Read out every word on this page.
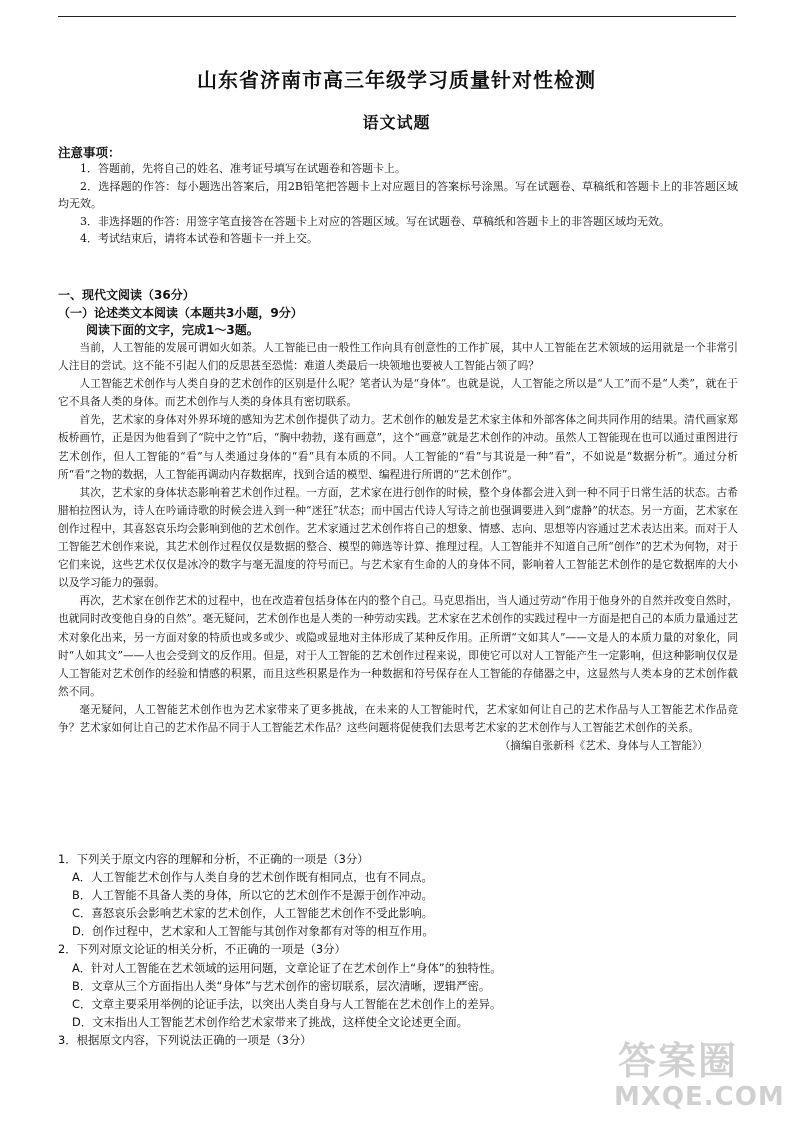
山东省济南市高三年级学习质量针对性检测
语文试题
注意事项：

1．答题前，先将自己的姓名、准考证号填写在试题卷和答题卡上。

2．选择题的作答：每小题选出答案后，用2B铅笔把答题卡上对应题目的答案标号涂黑。写在试题卷、草稿纸和答题卡上的非答题区域均无效。

3．非选择题的作答：用签字笔直接答在答题卡上对应的答题区域。写在试题卷、草稿纸和答题卡上的非答题区域均无效。

4．考试结束后，请将本试卷和答题卡一并上交。

一、现代文阅读（36分）
（一）论述类文本阅读（本题共3小题，9分）
阅读下面的文字，完成1～3题。

当前，人工智能的发展可谓如火如荼。人工智能已由一般性工作向具有创意性的工作扩展，其中人工智能在艺术领域的运用就是一个非常引人注目的尝试。这不能不引起人们的反思甚至恐慌：难道人类最后一块领地也要被人工智能占领了吗？

人工智能艺术创作与人类自身的艺术创作的区别是什么呢？笔者认为是“身体”。也就是说，人工智能之所以是“人工”而不是“人类”，就在于它不具备人类的身体。而艺术创作与人类的身体具有密切联系。

首先，艺术家的身体对外界环境的感知为艺术创作提供了动力。艺术创作的触发是艺术家主体和外部客体之间共同作用的结果。清代画家郑板桥画竹，正是因为他看到了“院中之竹”后，“胸中勃勃，遂有画意”，这个“画意”就是艺术创作的冲动。虽然人工智能现在也可以通过重图进行艺术创作，但人工智能的“看”与人类通过身体的“看”具有本质的不同。人工智能的“看”与其说是一种“看”，不如说是“数据分析”。通过分析所“看”之物的数据，人工智能再调动内存数据库，找到合适的模型、编程进行所谓的“艺术创作”。

其次，艺术家的身体状态影响着艺术创作过程。一方面，艺术家在进行创作的时候，整个身体都会进入到一种不同于日常生活的状态。古希腊柏拉图认为，诗人在吟诵诗歌的时候会进入到一种“迷狂”状态；而中国古代诗人写诗之前也强调要进入到“虚静”的状态。另一方面，艺术家在创作过程中，其喜怒哀乐均会影响到他的艺术创作。艺术家通过艺术创作将自己的想象、情感、志向、思想等内容通过艺术表达出来。而对于人工智能艺术创作来说，其艺术创作过程仅仅是数据的整合、模型的筛选等计算、推理过程。人工智能并不知道自己所“创作”的艺术为何物，对于它们来说，这些艺术仅仅是冰冷的数字与毫无温度的符号而已。与艺术家有生命的人的身体不同，影响着人工智能艺术创作的是它数据库的大小以及学习能力的强弱。

再次，艺术家在创作艺术的过程中，也在改造着包括身体在内的整个自己。马克思指出，当人通过劳动“作用于他身外的自然并改变自然时，也就同时改变他自身的自然”。毫无疑问，艺术创作也是人类的一种劳动实践。艺术家在艺术创作的实践过程中一方面是把自己的本质力量通过艺术对象化出来，另一方面对象的特质也或多或少、或隐或显地对主体形成了某种反作用。正所谓“文如其人”——文是人的本质力量的对象化，同时“人如其文”——人也会受到文的反作用。但是，对于人工智能的艺术创作过程来说，即使它可以对人工智能产生一定影响，但这种影响仅仅是人工智能对艺术创作的经验和情感的积累，而且这些积累是作为一种数据和符号保存在人工智能的存储器之中，这显然与人类本身的艺术创作截然不同。

毫无疑问，人工智能艺术创作也为艺术家带来了更多挑战，在未来的人工智能时代，艺术家如何让自己的艺术作品与人工智能艺术作品竞争？艺术家如何让自己的艺术作品不同于人工智能艺术作品？这些问题将促使我们去思考艺术家的艺术创作与人工智能艺术创作的关系。

（摘编自张新科《艺术、身体与人工智能》）

1．下列关于原文内容的理解和分析，不正确的一项是（3分）

A．人工智能艺术创作与人类自身的艺术创作既有相同点，也有不同点。

B．人工智能不具备人类的身体，所以它的艺术创作不是源于创作冲动。

C．喜怒哀乐会影响艺术家的艺术创作，人工智能艺术创作不受此影响。

D．创作过程中，艺术家和人工智能与其创作对象都有对等的相互作用。

2．下列对原文论证的相关分析，不正确的一项是（3分）

A．针对人工智能在艺术领域的运用问题，文章论证了在艺术创作上“身体”的独特性。

B．文章从三个方面指出人类“身体”与艺术创作的密切联系，层次清晰，逻辑严密。

C．文章主要采用举例的论证手法，以突出人类自身与人工智能在艺术创作上的差异。

D．文末指出人工智能艺术创作给艺术家带来了挑战，这样使全文论述更全面。

3．根据原文内容，下列说法正确的一项是（3分）	答案圈
MXQE.COM
